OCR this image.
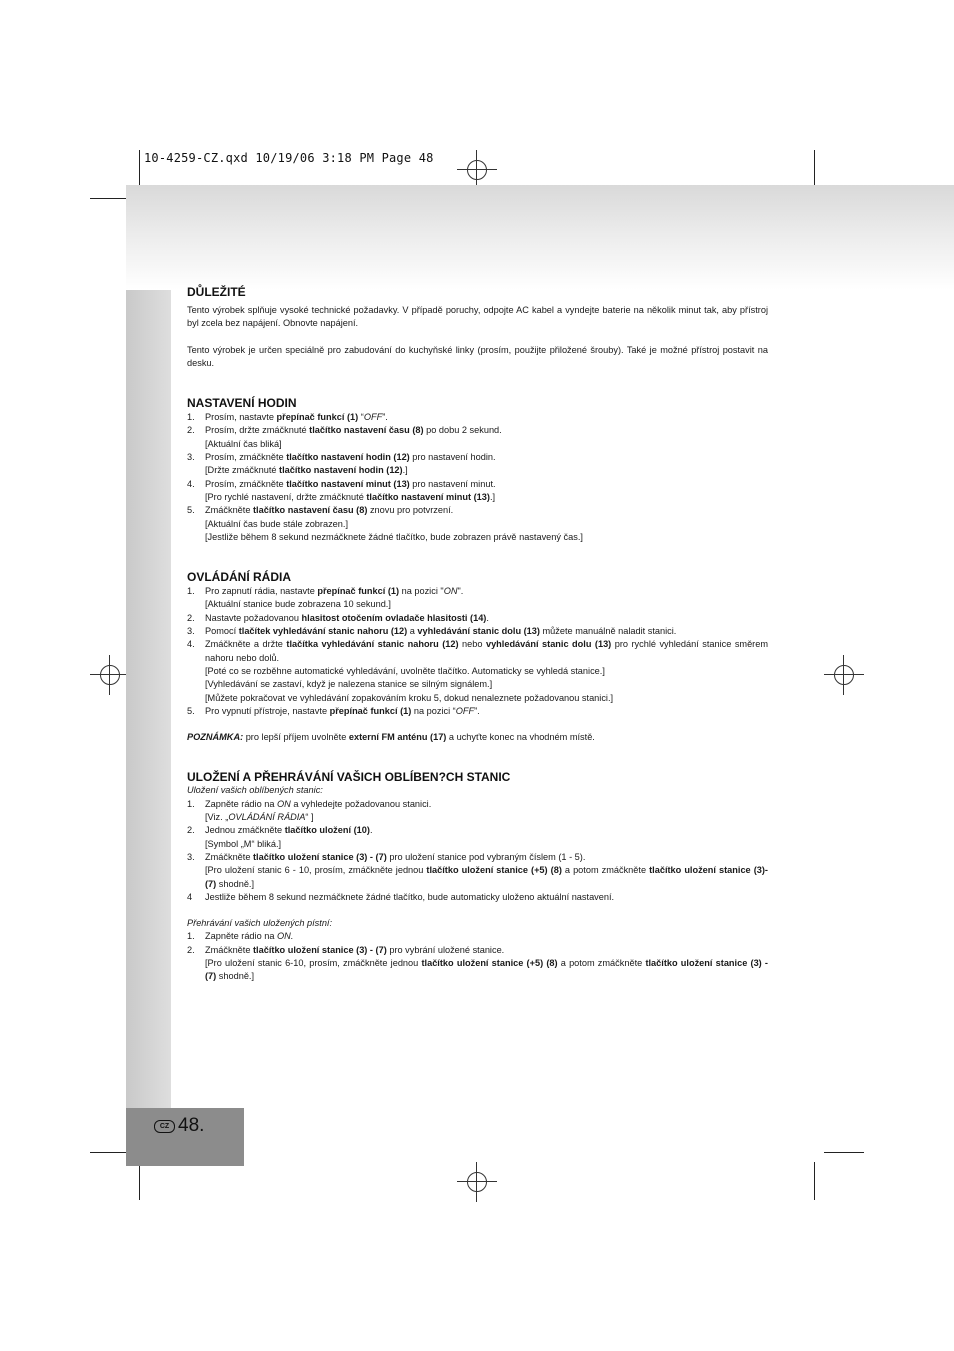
10-4259-CZ.qxd 10/19/06 3:18 PM Page 48
CZ 48.
DŮLEŽITÉ

Tento výrobek splňuje vysoké technické požadavky. V případě poruchy, odpojte AC kabel a vyndejte baterie na několik minut tak, aby přístroj byl zcela bez napájení. Obnovte napájení.

Tento výrobek je určen speciálně pro zabudování do kuchyňské linky (prosím, použijte přiložené šrouby). Také je možné přístroj postavit na desku.

NASTAVENÍ HODIN
1. Prosím, nastavte přepínač funkcí (1) “OFF”.
2. Prosím, držte zmáčknuté tlačítko nastavení času (8) po dobu 2 sekund.
[Aktuální čas bliká]
3. Prosím, zmáčkněte tlačítko nastavení hodin (12) pro nastavení hodin.
[Držte zmáčknuté tlačítko nastavení hodin (12).]
4. Prosím, zmáčkněte tlačítko nastavení minut (13) pro nastavení minut.
[Pro rychlé nastavení, držte zmáčknuté tlačítko nastavení minut (13).]
5. Zmáčkněte tlačítko nastavení času (8) znovu pro potvrzení.
[Aktuální čas bude stále zobrazen.]
[Jestliže během 8 sekund nezmáčknete žádné tlačítko, bude zobrazen právě nastavený čas.]
OVLÁDÁNÍ RÁDIA
1. Pro zapnutí rádia, nastavte přepínač funkcí (1) na pozici "ON".
[Aktuální stanice bude zobrazena 10 sekund.]
2. Nastavte požadovanou hlasitost otočením ovladače hlasitosti (14).
3. Pomocí tlačítek vyhledávání stanic nahoru (12) a vyhledávání stanic dolu (13) můžete manuálně naladit stanici.
4. Zmáčkněte a držte tlačítka vyhledávání stanic nahoru (12) nebo vyhledávání stanic dolu (13) pro rychlé vyhledání stanice směrem nahoru nebo dolů.
[Poté co se rozběhne automatické vyhledávání, uvolněte tlačítko. Automaticky se vyhledá stanice.]
[Vyhledávání se zastaví, když je nalezena stanice se silným signálem.]
[Můžete pokračovat ve vyhledávání zopakováním kroku 5, dokud nenaleznete požadovanou stanici.]
5. Pro vypnutí přístroje, nastavte přepínač funkcí (1) na pozici “OFF”.

POZNÁMKA: pro lepší příjem uvolněte externí FM anténu (17) a uchyťte konec na vhodném místě.

ULOŽENÍ A PŘEHRÁVÁNÍ VAŠICH OBLÍBEN?CH STANIC
Uložení vašich oblíbených stanic:
1. Zapněte rádio na ON a vyhledejte požadovanou stanici.
[Viz. „OVLÁDÁNÍ RÁDIA“ ]
2. Jednou zmáčkněte tlačítko uložení (10).
[Symbol „M“ bliká.]
3. Zmáčkněte tlačítko uložení stanice (3) - (7) pro uložení stanice pod vybraným číslem (1 - 5).
[Pro uložení stanic 6 - 10, prosím, zmáčkněte jednou tlačítko uložení stanice (+5) (8) a potom zmáčkněte tlačítko uložení stanice (3)-(7) shodně.]
4 Jestliže během 8 sekund nezmáčknete žádné tlačítko, bude automaticky uloženo aktuální nastavení.
Přehrávání vašich uložených pístní:
1. Zapněte rádio na ON.
2. Zmáčkněte tlačítko uložení stanice (3) - (7) pro vybrání uložené stanice.
[Pro uložení stanic 6-10, prosím, zmáčkněte jednou tlačítko uložení stanice (+5) (8) a potom zmáčkněte tlačítko uložení stanice (3) - (7) shodně.]
